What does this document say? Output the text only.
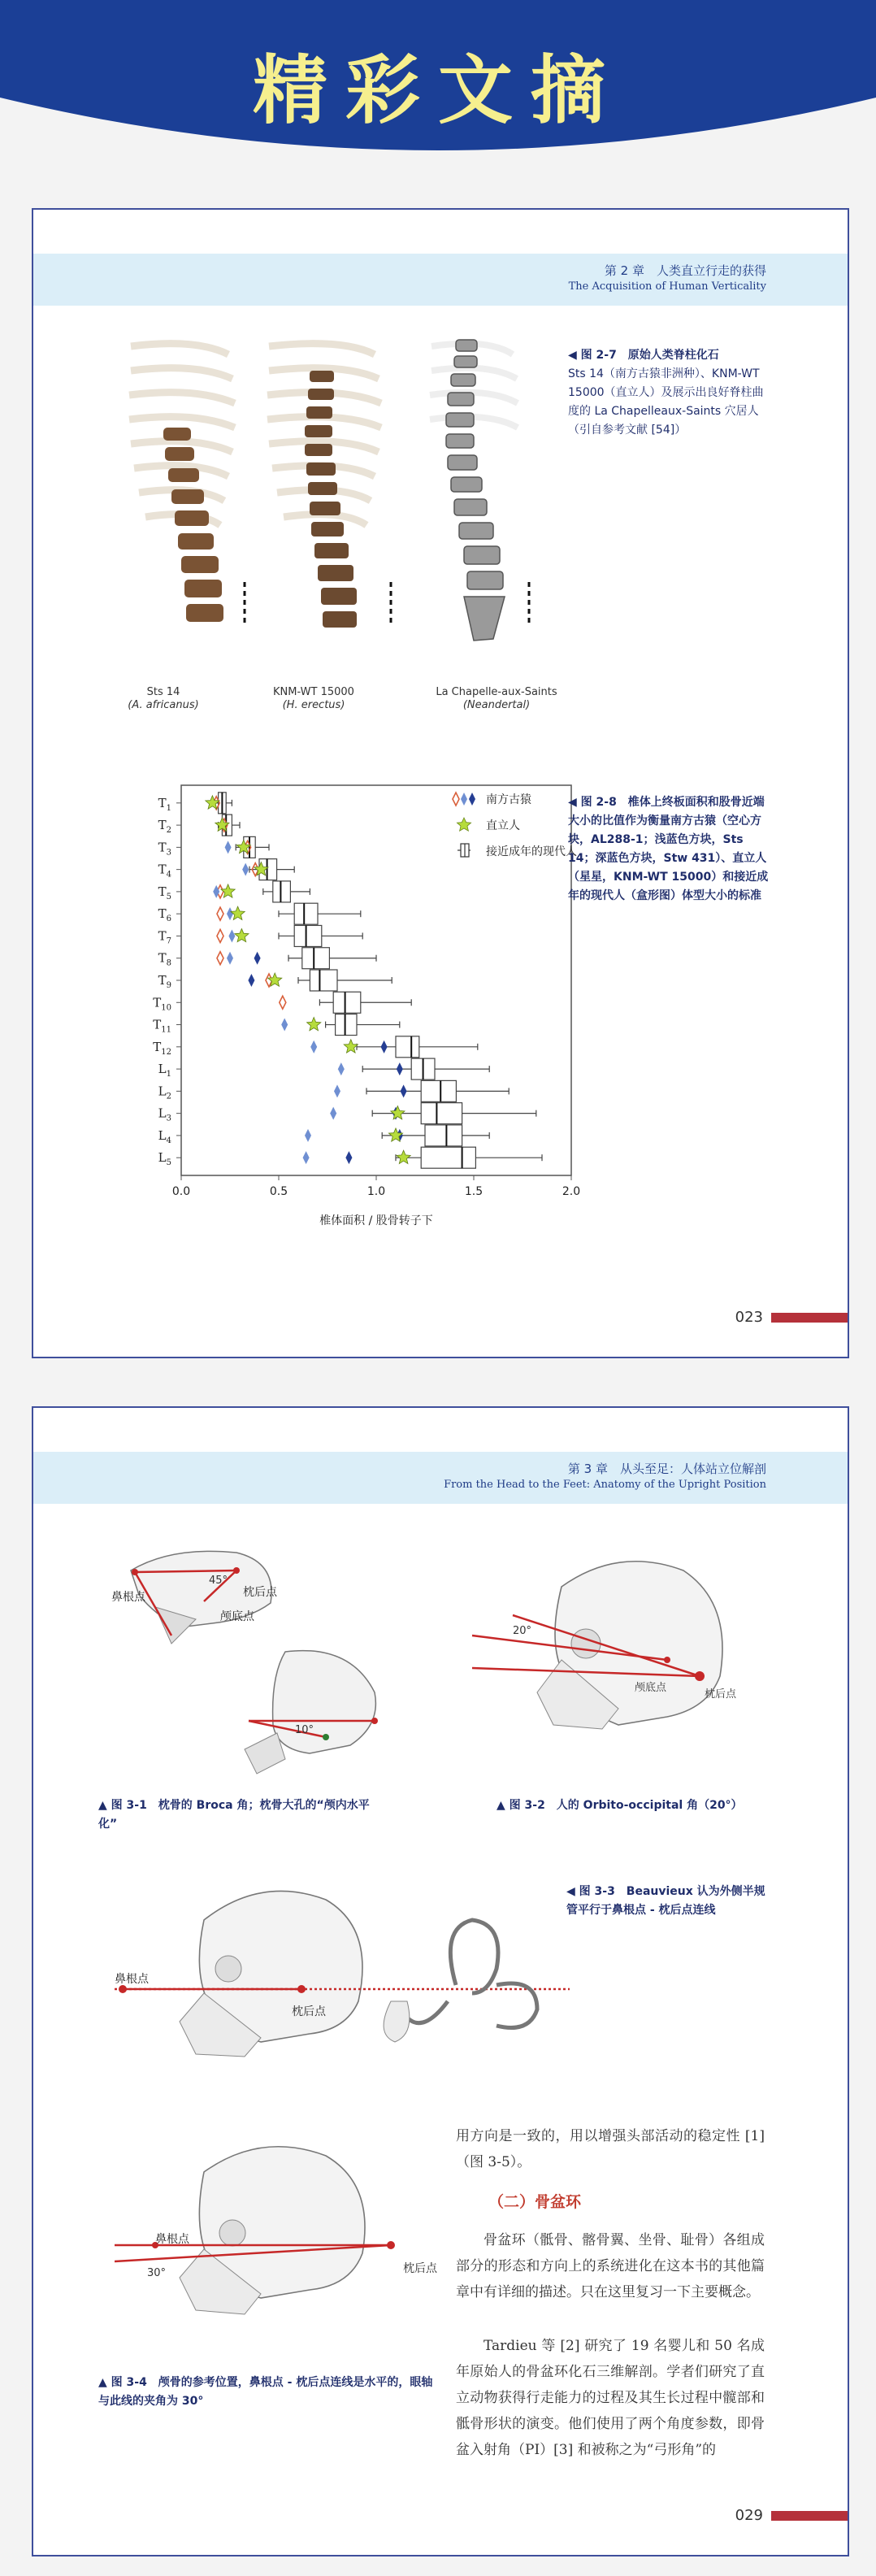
精彩文摘
第 2 章　人类直立行走的获得
The Acquisition of Human Verticality
Sts 14
(A. africanus)
KNM-WT 15000
(H. erectus)
La Chapelle-aux-Saints
(Neandertal)
◀ 图 2-7　原始人类脊柱化石
Sts 14（南方古猿非洲种）、KNM-WT 15000（直立人）及展示出良好脊柱曲度的 La Chapelleaux-Saints 穴居人（引自参考文献 [54]）
$T_1$
$T_2$
$T_3$
$T_4$
$T_5$
$T_6$
$T_7$
$T_8$
$T_9$
$T_{10}$
$T_{11}$
$T_{12}$
$L_1$
$L_2$
$L_3$
$L_4$
$L_5$
0.0	0.5	1.0	1.5	2.0
椎体面积 / 股骨转子下
南方古猿
直立人
接近成年的现代人
◀ 图 2-8　椎体上终板面积和股骨近端大小的比值作为衡量南方古猿（空心方块，AL288-1；浅蓝色方块，Sts 14；深蓝色方块，Stw 431）、直立人（星星，KNM-WT 15000）和接近成年的现代人（盒形图）体型大小的标准
023
第 3 章　从头至足：人体站立位解剖
From the Head to the Feet: Anatomy of the Upright Position
45°
10°
鼻根点	枕后点
颅底点
▲ 图 3-1　枕骨的 Broca 角；枕骨大孔的“颅内水平化”
20°
颅底点
枕后点
▲ 图 3-2　人的 Orbito-occipital 角（20°）
鼻根点
枕后点
◀ 图 3-3　Beauvieux 认为外侧半规管平行于鼻根点 - 枕后点连线
30°
鼻根点
枕后点
▲ 图 3-4　颅骨的参考位置，鼻根点 - 枕后点连线是水平的，眼轴与此线的夹角为 30°
用方向是一致的，用以增强头部活动的稳定性 [1]（图 3-5）。
（二）骨盆环
骨盆环（骶骨、髂骨翼、坐骨、耻骨）各组成部分的形态和方向上的系统进化在这本书的其他篇章中有详细的描述。只在这里复习一下主要概念。
Tardieu 等 [2] 研究了 19 名婴儿和 50 名成年原始人的骨盆环化石三维解剖。学者们研究了直立动物获得行走能力的过程及其生长过程中髋部和骶骨形状的演变。他们使用了两个角度参数，即骨盆入射角（PI）[3] 和被称之为“弓形角”的
029
